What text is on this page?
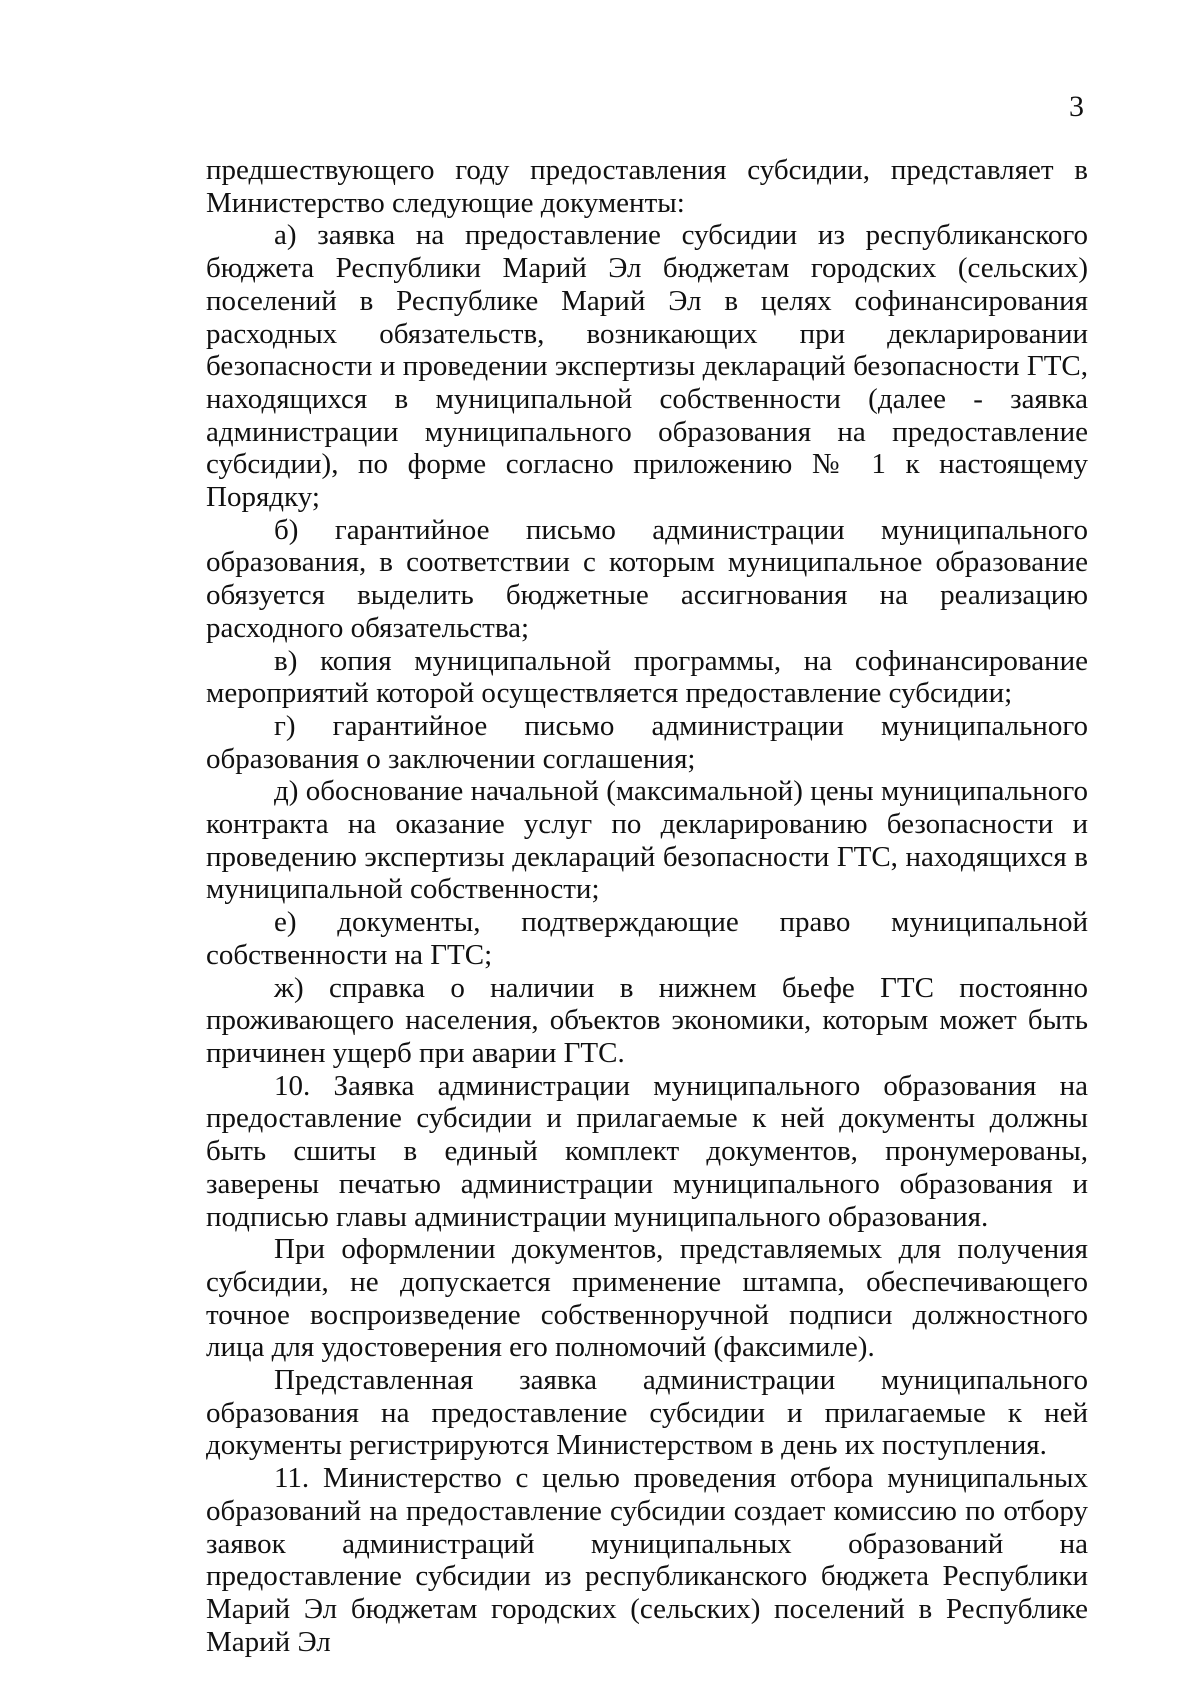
3

предшествующего году предоставления субсидии, представляет в Министерство следующие документы:

а) заявка на предоставление субсидии из республиканского бюджета Республики Марий Эл бюджетам городских (сельских) поселений в Республике Марий Эл в целях софинансирования расходных обязательств, возникающих при декларировании безопасности и проведении экспертизы деклараций безопасности ГТС, находящихся в муниципальной собственности (далее - заявка администрации муниципального образования на предоставление субсидии), по форме согласно приложению № 1 к настоящему Порядку;

б) гарантийное письмо администрации муниципального образования, в соответствии с которым муниципальное образование обязуется выделить бюджетные ассигнования на реализацию расходного обязательства;

в) копия муниципальной программы, на софинансирование мероприятий которой осуществляется предоставление субсидии;

г) гарантийное письмо администрации муниципального образования о заключении соглашения;

д) обоснование начальной (максимальной) цены муниципального контракта на оказание услуг по декларированию безопасности и проведению экспертизы деклараций безопасности ГТС, находящихся в муниципальной собственности;

е) документы, подтверждающие право муниципальной собственности на ГТС;

ж) справка о наличии в нижнем бьефе ГТС постоянно проживающего населения, объектов экономики, которым может быть причинен ущерб при аварии ГТС.

10. Заявка администрации муниципального образования на предоставление субсидии и прилагаемые к ней документы должны быть сшиты в единый комплект документов, пронумерованы, заверены печатью администрации муниципального образования и подписью главы администрации муниципального образования.

При оформлении документов, представляемых для получения субсидии, не допускается применение штампа, обеспечивающего точное воспроизведение собственноручной подписи должностного лица для удостоверения его полномочий (факсимиле).

Представленная заявка администрации муниципального образования на предоставление субсидии и прилагаемые к ней документы регистрируются Министерством в день их поступления.

11. Министерство с целью проведения отбора муниципальных образований на предоставление субсидии создает комиссию по отбору заявок администраций муниципальных образований на предоставление субсидии из республиканского бюджета Республики Марий Эл бюджетам городских (сельских) поселений в Республике Марий Эл
